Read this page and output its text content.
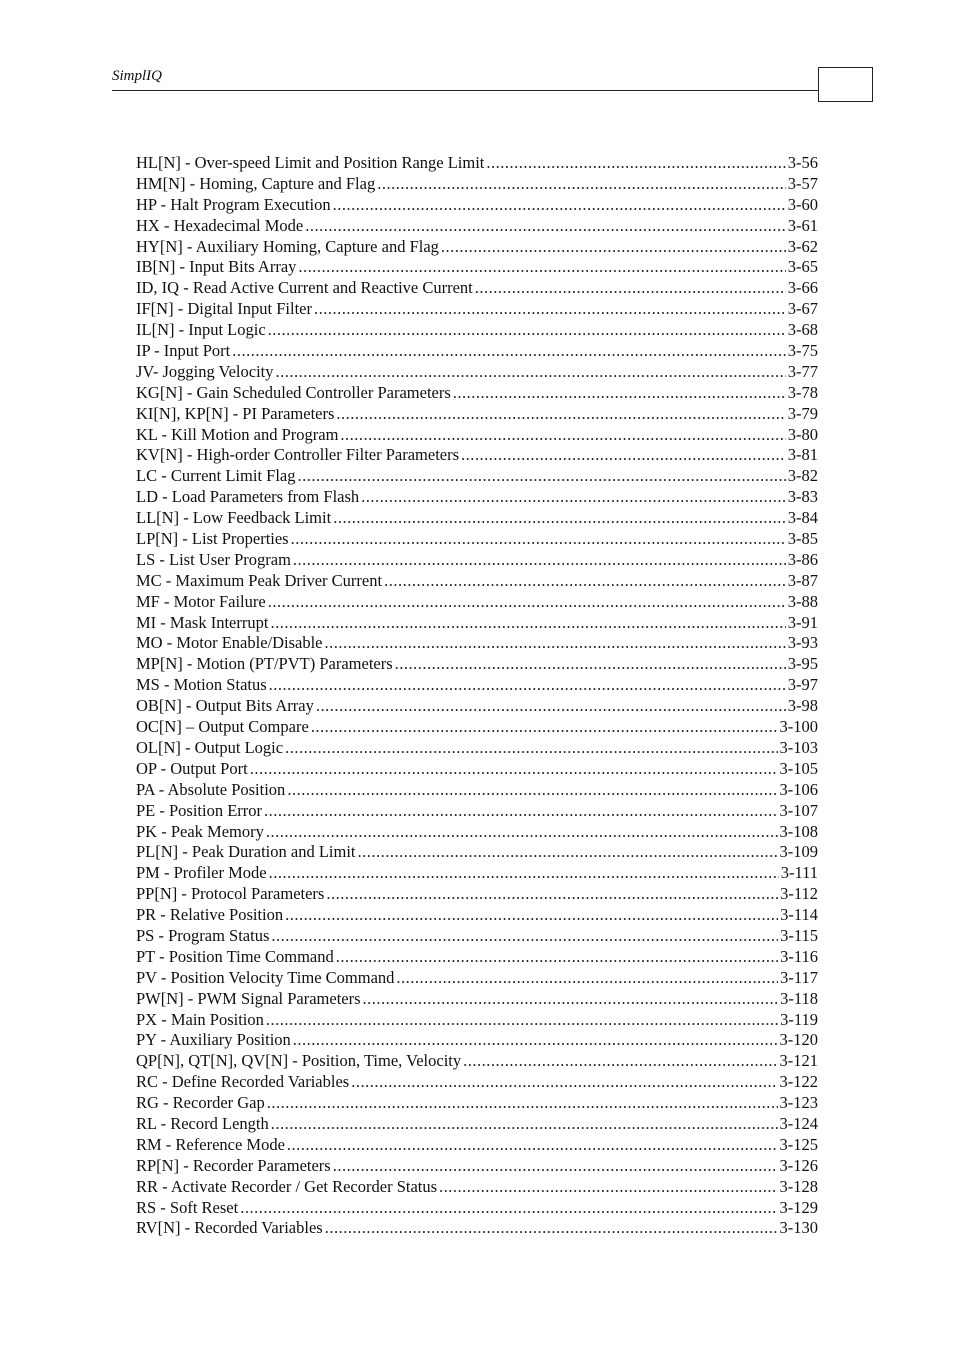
SimplIQ
HL[N] - Over-speed Limit and Position Range Limit .....	3-56
HM[N] - Homing, Capture and Flag .....	3-57
HP - Halt Program Execution .....	3-60
HX - Hexadecimal Mode .....	3-61
HY[N] - Auxiliary Homing, Capture and Flag .....	3-62
IB[N] - Input Bits Array .....	3-65
ID, IQ - Read Active Current and Reactive Current .....	3-66
IF[N] - Digital Input Filter .....	3-67
IL[N] - Input Logic .....	3-68
IP - Input Port .....	3-75
JV- Jogging Velocity .....	3-77
KG[N] - Gain Scheduled Controller Parameters .....	3-78
KI[N], KP[N] - PI Parameters .....	3-79
KL - Kill Motion and Program .....	3-80
KV[N] - High-order Controller Filter Parameters .....	3-81
LC - Current Limit Flag .....	3-82
LD - Load Parameters from Flash .....	3-83
LL[N] - Low Feedback Limit .....	3-84
LP[N] - List Properties .....	3-85
LS - List User Program .....	3-86
MC - Maximum Peak Driver Current .....	3-87
MF - Motor Failure .....	3-88
MI - Mask Interrupt .....	3-91
MO - Motor Enable/Disable .....	3-93
MP[N] - Motion (PT/PVT) Parameters .....	3-95
MS - Motion Status .....	3-97
OB[N] - Output Bits Array .....	3-98
OC[N] – Output Compare .....	3-100
OL[N] - Output Logic .....	3-103
OP - Output Port .....	3-105
PA - Absolute Position .....	3-106
PE - Position Error .....	3-107
PK - Peak Memory .....	3-108
PL[N] - Peak Duration and Limit .....	3-109
PM - Profiler Mode .....	3-111
PP[N] - Protocol Parameters .....	3-112
PR - Relative Position .....	3-114
PS - Program Status .....	3-115
PT - Position Time Command .....	3-116
PV - Position Velocity Time Command .....	3-117
PW[N] - PWM Signal Parameters .....	3-118
PX - Main Position .....	3-119
PY - Auxiliary Position .....	3-120
QP[N], QT[N], QV[N] - Position, Time, Velocity .....	3-121
RC - Define Recorded Variables .....	3-122
RG - Recorder Gap .....	3-123
RL - Record Length .....	3-124
RM - Reference Mode .....	3-125
RP[N] - Recorder Parameters .....	3-126
RR - Activate Recorder / Get Recorder Status .....	3-128
RS - Soft Reset .....	3-129
RV[N] - Recorded Variables .....	3-130
